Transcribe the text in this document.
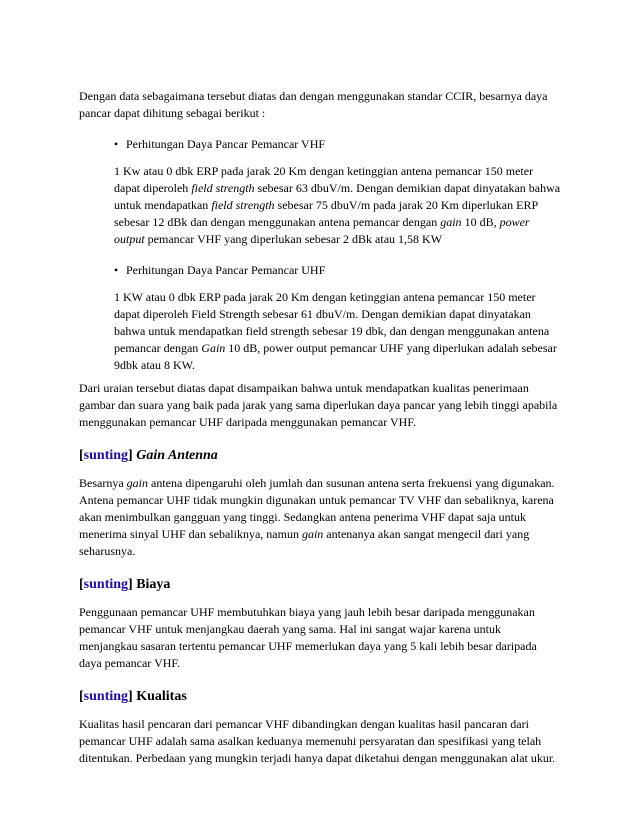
Dengan data sebagaimana tersebut diatas dan dengan menggunakan standar CCIR, besarnya daya pancar dapat dihitung sebagai berikut :

• Perhitungan Daya Pancar Pemancar VHF

1 Kw atau 0 dbk ERP pada jarak 20 Km dengan ketinggian antena pemancar 150 meter dapat diperoleh field strength sebesar 63 dbuV/m. Dengan demikian dapat dinyatakan bahwa untuk mendapatkan field strength sebesar 75 dbuV/m pada jarak 20 Km diperlukan ERP sebesar 12 dBk dan dengan menggunakan antena pemancar dengan gain 10 dB, power output pemancar VHF yang diperlukan sebesar 2 dBk atau 1,58 KW

• Perhitungan Daya Pancar Pemancar UHF

1 KW atau 0 dbk ERP pada jarak 20 Km dengan ketinggian antena pemancar 150 meter dapat diperoleh Field Strength sebesar 61 dbuV/m. Dengan demikian dapat dinyatakan bahwa untuk mendapatkan field strength sebesar 19 dbk, dan dengan menggunakan antena pemancar dengan Gain 10 dB, power output pemancar UHF yang diperlukan adalah sebesar 9dbk atau 8 KW.

Dari uraian tersebut diatas dapat disampaikan bahwa untuk mendapatkan kualitas penerimaan gambar dan suara yang baik pada jarak yang sama diperlukan daya pancar yang lebih tinggi apabila menggunakan pemancar UHF daripada menggunakan pemancar VHF.

[sunting] Gain Antenna

Besarnya gain antena dipengaruhi oleh jumlah dan susunan antena serta frekuensi yang digunakan. Antena pemancar UHF tidak mungkin digunakan untuk pemancar TV VHF dan sebaliknya, karena akan menimbulkan gangguan yang tinggi. Sedangkan antena penerima VHF dapat saja untuk menerima sinyal UHF dan sebaliknya, namun gain antenanya akan sangat mengecil dari yang seharusnya.

[sunting] Biaya

Penggunaan pemancar UHF membutuhkan biaya yang jauh lebih besar daripada menggunakan pemancar VHF untuk menjangkau daerah yang sama. Hal ini sangat wajar karena untuk menjangkau sasaran tertentu pemancar UHF memerlukan daya yang 5 kali lebih besar daripada daya pemancar VHF.

[sunting] Kualitas

Kualitas hasil pencaran dari pemancar VHF dibandingkan dengan kualitas hasil pancaran dari pemancar UHF adalah sama asalkan keduanya memenuhi persyaratan dan spesifikasi yang telah ditentukan. Perbedaan yang mungkin terjadi hanya dapat diketahui dengan menggunakan alat ukur.
